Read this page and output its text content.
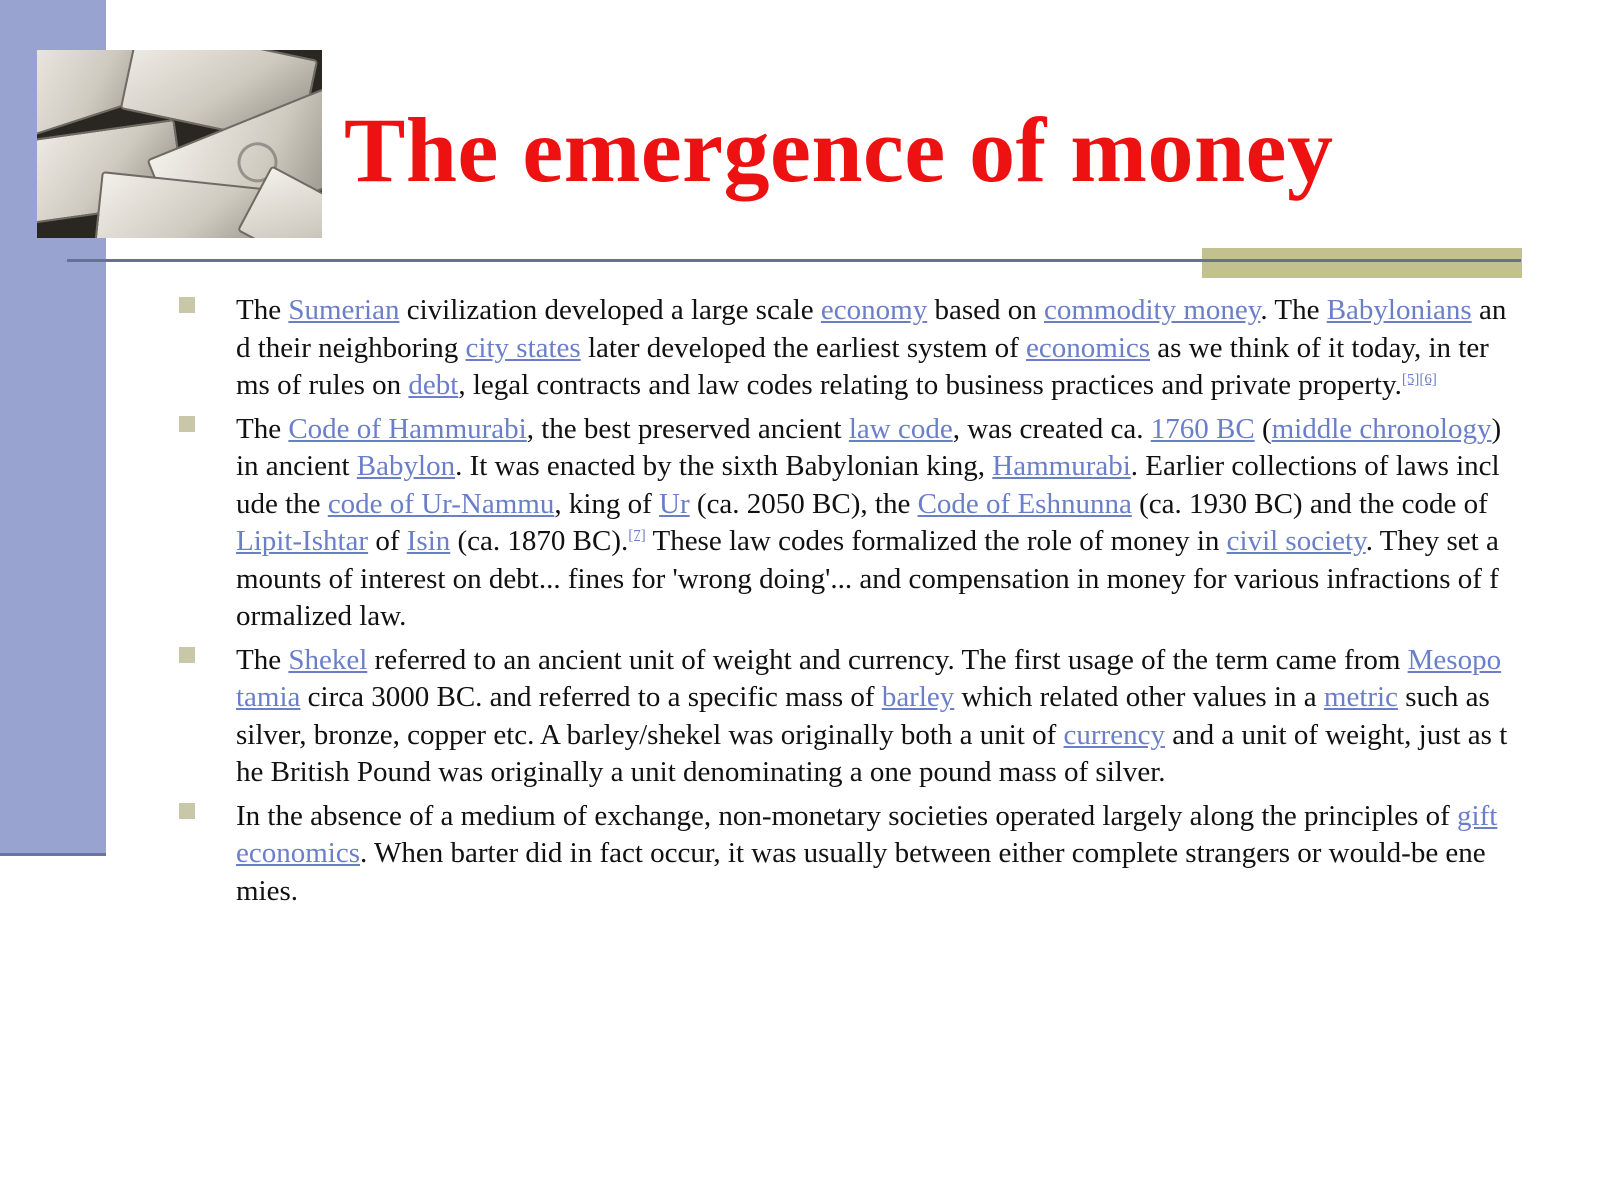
The emergence of money
The Sumerian civilization developed a large scale economy based on commodity money. The Babylonians and their neighboring city states later developed the earliest system of economics as we think of it today, in terms of rules on debt, legal contracts and law codes relating to business practices and private property.[5][6]
The Code of Hammurabi, the best preserved ancient law code, was created ca. 1760 BC (middle chronology) in ancient Babylon. It was enacted by the sixth Babylonian king, Hammurabi. Earlier collections of laws include the code of Ur-Nammu, king of Ur (ca. 2050 BC), the Code of Eshnunna (ca. 1930 BC) and the code of Lipit-Ishtar of Isin (ca. 1870 BC).[7] These law codes formalized the role of money in civil society. They set amounts of interest on debt... fines for 'wrong doing'... and compensation in money for various infractions of formalized law.
The Shekel referred to an ancient unit of weight and currency. The first usage of the term came from Mesopotamia circa 3000 BC. and referred to a specific mass of barley which related other values in a metric such as silver, bronze, copper etc. A barley/shekel was originally both a unit of currency and a unit of weight, just as the British Pound was originally a unit denominating a one pound mass of silver.
In the absence of a medium of exchange, non-monetary societies operated largely along the principles of gift economics. When barter did in fact occur, it was usually between either complete strangers or would-be enemies.
